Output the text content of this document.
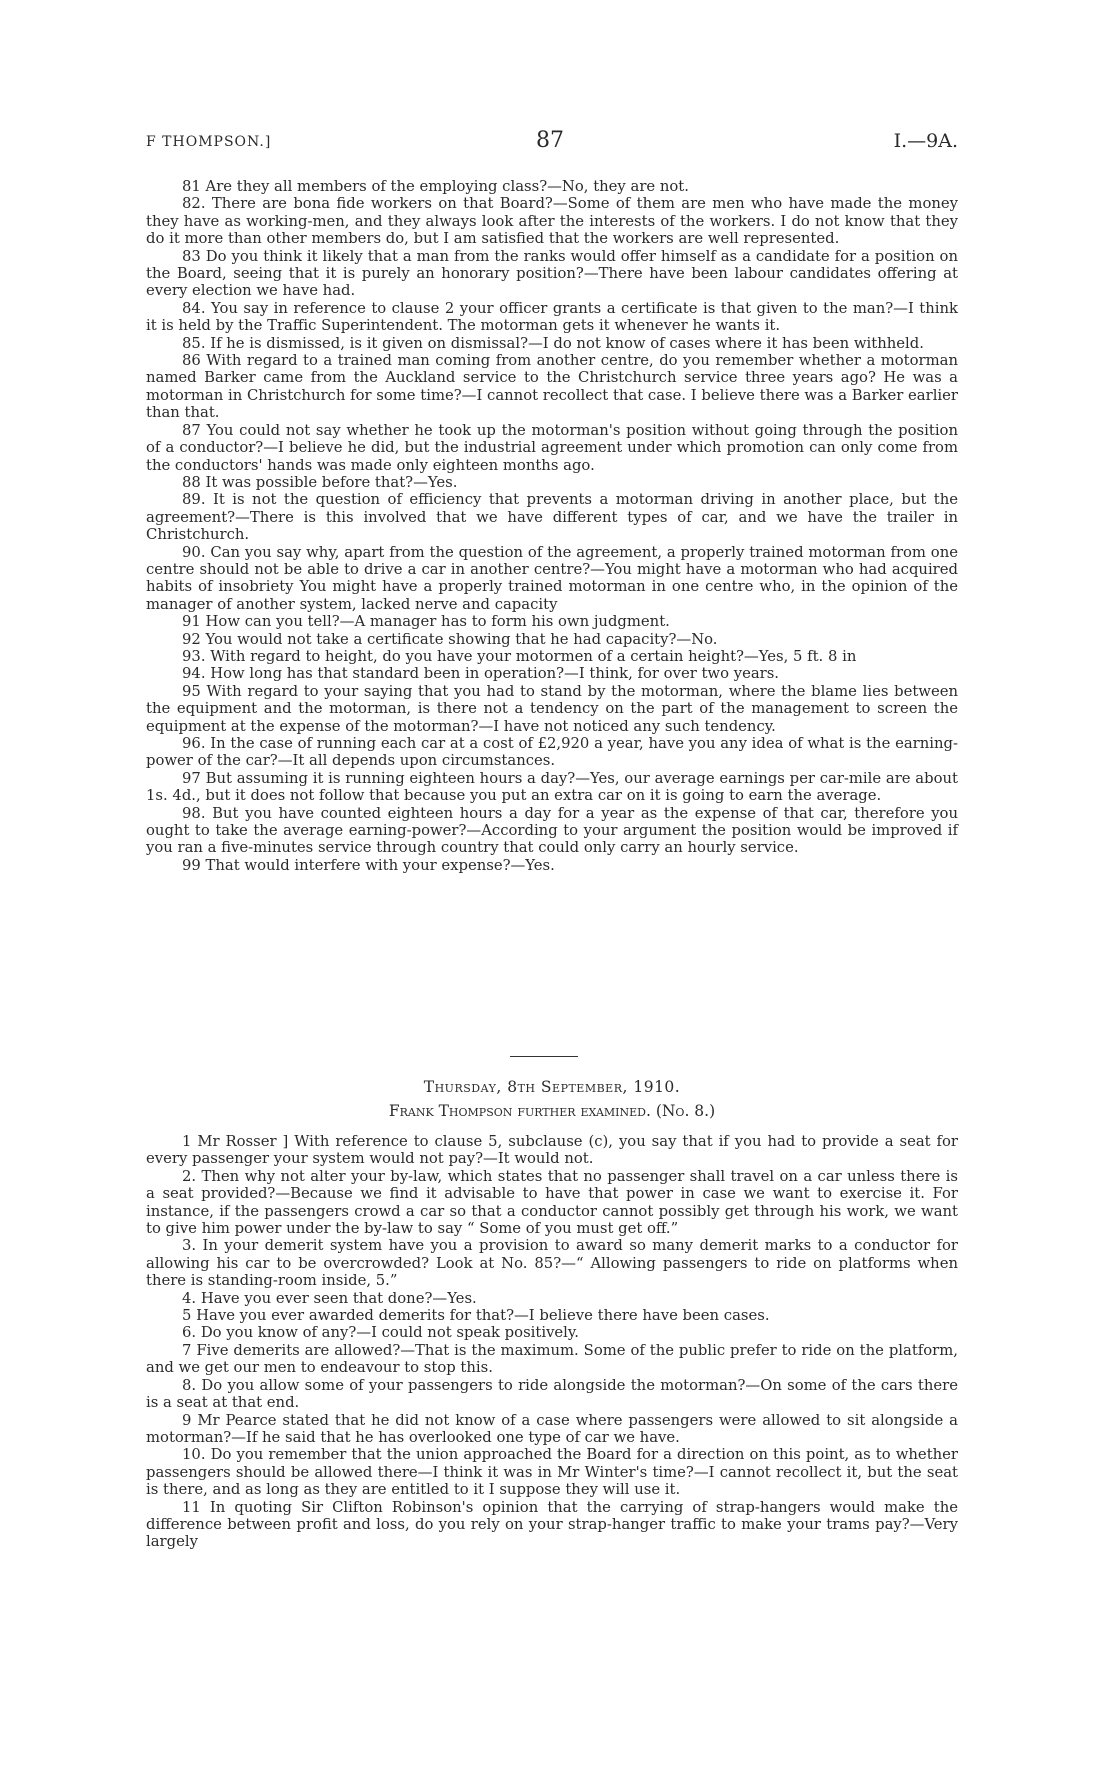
F THOMPSON.]	87	I.—9A.

81 Are they all members of the employing class?—No, they are not.

82. There are bona fide workers on that Board?—Some of them are men who have made the money they have as working-men, and they always look after the interests of the workers. I do not know that they do it more than other members do, but I am satisfied that the workers are well represented.

83 Do you think it likely that a man from the ranks would offer himself as a candidate for a position on the Board, seeing that it is purely an honorary position?—There have been labour candidates offering at every election we have had.

84. You say in reference to clause 2 your officer grants a certificate is that given to the man?—I think it is held by the Traffic Superintendent. The motorman gets it whenever he wants it.

85. If he is dismissed, is it given on dismissal?—I do not know of cases where it has been withheld.

86 With regard to a trained man coming from another centre, do you remember whether a motorman named Barker came from the Auckland service to the Christchurch service three years ago? He was a motorman in Christchurch for some time?—I cannot recollect that case. I believe there was a Barker earlier than that.

87 You could not say whether he took up the motorman's position without going through the position of a conductor?—I believe he did, but the industrial agreement under which promotion can only come from the conductors' hands was made only eighteen months ago.

88 It was possible before that?—Yes.

89. It is not the question of efficiency that prevents a motorman driving in another place, but the agreement?—There is this involved that we have different types of car, and we have the trailer in Christchurch.

90. Can you say why, apart from the question of the agreement, a properly trained motorman from one centre should not be able to drive a car in another centre?—You might have a motorman who had acquired habits of insobriety You might have a properly trained motorman in one centre who, in the opinion of the manager of another system, lacked nerve and capacity

91 How can you tell?—A manager has to form his own judgment.

92 You would not take a certificate showing that he had capacity?—No.

93. With regard to height, do you have your motormen of a certain height?—Yes, 5 ft. 8 in

94. How long has that standard been in operation?—I think, for over two years.

95 With regard to your saying that you had to stand by the motorman, where the blame lies between the equipment and the motorman, is there not a tendency on the part of the management to screen the equipment at the expense of the motorman?—I have not noticed any such tendency.

96. In the case of running each car at a cost of £2,920 a year, have you any idea of what is the earning-power of the car?—It all depends upon circumstances.

97 But assuming it is running eighteen hours a day?—Yes, our average earnings per car-mile are about 1s. 4d., but it does not follow that because you put an extra car on it is going to earn the average.

98. But you have counted eighteen hours a day for a year as the expense of that car, therefore you ought to take the average earning-power?—According to your argument the position would be improved if you ran a five-minutes service through country that could only carry an hourly service.

99 That would interfere with your expense?—Yes.

Thursday, 8th September, 1910.
Frank Thompson further examined. (No. 8.)

1 Mr Rosser ] With reference to clause 5, subclause (c), you say that if you had to provide a seat for every passenger your system would not pay?—It would not.

2. Then why not alter your by-law, which states that no passenger shall travel on a car unless there is a seat provided?—Because we find it advisable to have that power in case we want to exercise it. For instance, if the passengers crowd a car so that a conductor cannot possibly get through his work, we want to give him power under the by-law to say “ Some of you must get off.”

3. In your demerit system have you a provision to award so many demerit marks to a conductor for allowing his car to be overcrowded? Look at No. 85?—“ Allowing passengers to ride on platforms when there is standing-room inside, 5.”

4. Have you ever seen that done?—Yes.

5 Have you ever awarded demerits for that?—I believe there have been cases.

6. Do you know of any?—I could not speak positively.

7 Five demerits are allowed?—That is the maximum. Some of the public prefer to ride on the platform, and we get our men to endeavour to stop this.

8. Do you allow some of your passengers to ride alongside the motorman?—On some of the cars there is a seat at that end.

9 Mr Pearce stated that he did not know of a case where passengers were allowed to sit alongside a motorman?—If he said that he has overlooked one type of car we have.

10. Do you remember that the union approached the Board for a direction on this point, as to whether passengers should be allowed there—I think it was in Mr Winter's time?—I cannot recollect it, but the seat is there, and as long as they are entitled to it I suppose they will use it.

11 In quoting Sir Clifton Robinson's opinion that the carrying of strap-hangers would make the difference between profit and loss, do you rely on your strap-hanger traffic to make your trams pay?—Very largely
